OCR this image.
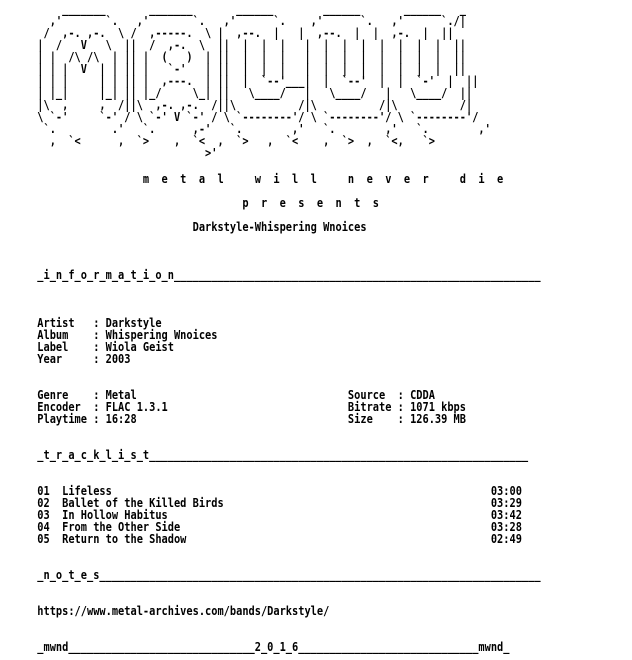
_______       _______       ______        ______       ______   _
,'       `.   ,'       `.   ,'      `.    ,'      `.   ,'      `./|
/  ,-. ,-.  \ /  ,-----.  \ |  ,--.  |   |  ,--.  |  |  ,-.  |  ||
|  /   V   \  ||  /  ,-.  \  ||  |  |  |   |  |  |  |  |  |  |  |  ||
| |  /\ /\  | || |  (   )  | ||  |  |  |   |  |  |  |  |  |  |  |  ||
| | |  V  | | || |   `-'   | ||  |  |  |   |  |  |  |  |  |  |  |  ||
| | |     | | || |  ,---.  | ||  |  `--'___|  |  `--'  |  |  `-'  |  ||
| |_|     |_| || |_/     \_| ||   \____/   |   \____/   |   \____/  ||
|\  ,     ,  /||\  ,-. ,-.  /||\          /|\          /|\          /|
\ `-'     `-' / \ `-' V `-' / \ `--------'/ \ `--------'/ \ `--------'/
`.         .'   `.      ,-'   `.        ,'   `.        ,'   `.        ,'
,  `<      ,  `>    ,  `<  ,  `>   ,  `<    ,  `>  ,  `<,   `>
>'
m  e  t  a  l     w  i  l  l     n  e  v  e  r     d  i  e
p  r  e  s  e  n  t  s
Darkstyle-Whispering Wnoices
_i_n_f_o_r_m_a_t_i_o_n___________________________________________________________
Artist   : Darkstyle
Album    : Whispering Wnoices
Label    : Wiola Geist
Year     : 2003
Genre    : Metal                                  Source  : CDDA
Encoder  : FLAC 1.3.1                             Bitrate : 1071 kbps
Playtime : 16:28                                  Size    : 126.39 MB
_t_r_a_c_k_l_i_s_t_____________________________________________________________
01  Lifeless                                                             03:00
02  Ballet of the Killed Birds                                           03:29
03  In Hollow Habitus                                                    03:42
04  From the Other Side                                                  03:28
05  Return to the Shadow                                                 02:49
_n_o_t_e_s_______________________________________________________________________
https://www.metal-archives.com/bands/Darkstyle/
_mwnd______________________________2_0_1_6_____________________________mwnd_
